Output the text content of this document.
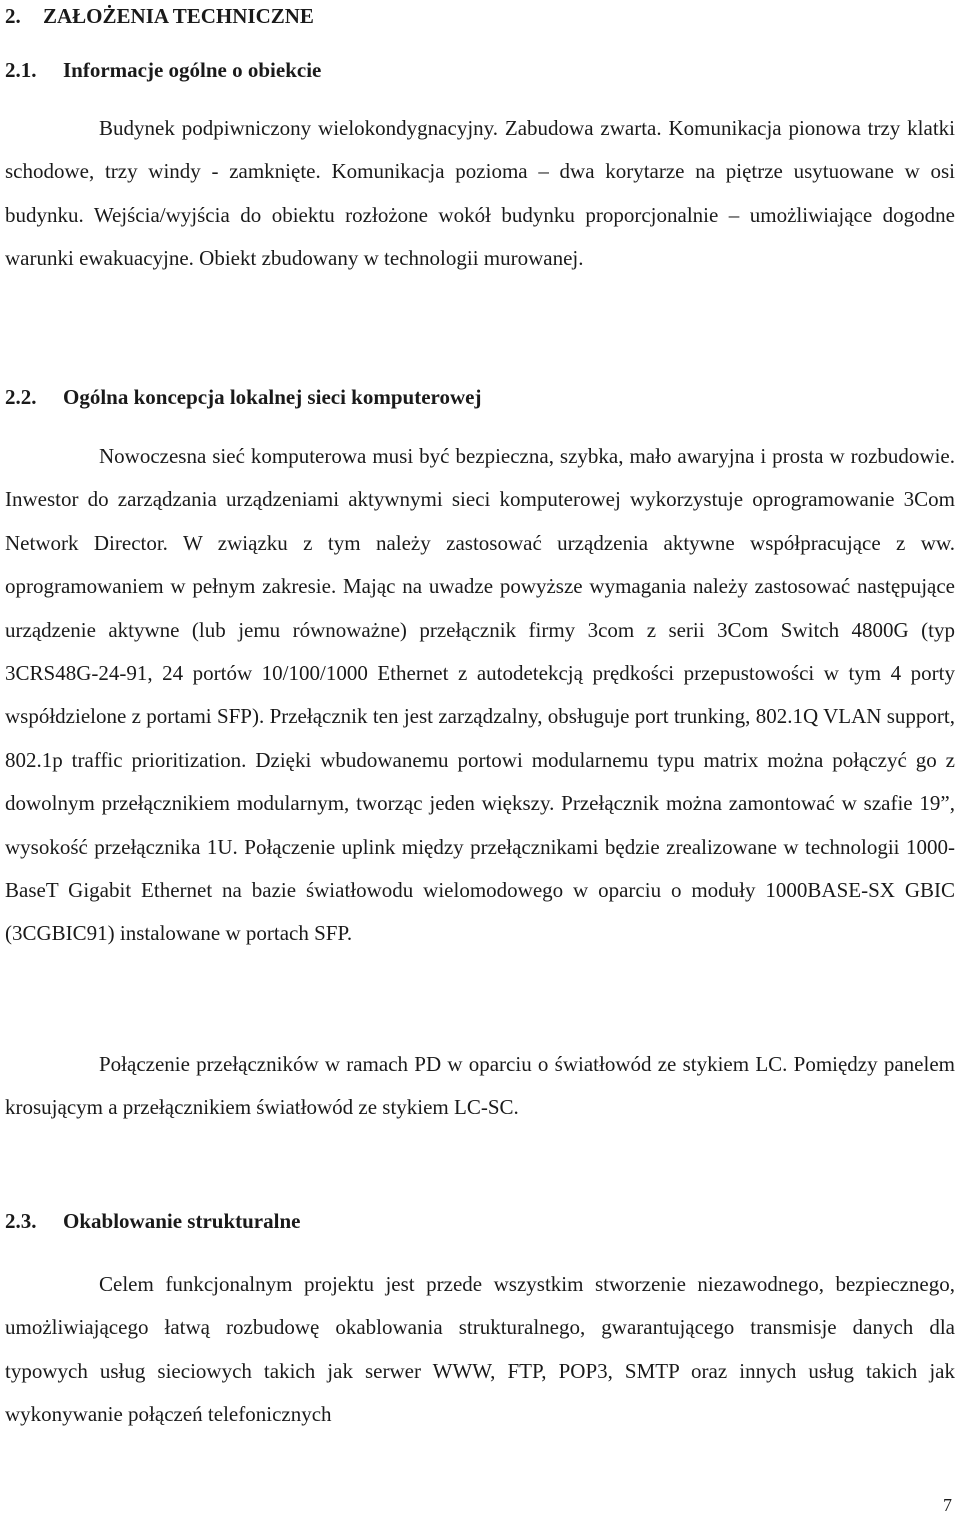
2. ZAŁOŻENIA TECHNICZNE
2.1. Informacje ogólne o obiekcie

Budynek podpiwniczony wielokondygnacyjny. Zabudowa zwarta. Komunikacja pionowa trzy klatki schodowe, trzy windy - zamknięte. Komunikacja pozioma – dwa korytarze na piętrze usytuowane w osi budynku. Wejścia/wyjścia do obiektu rozłożone wokół budynku proporcjonalnie – umożliwiające dogodne warunki ewakuacyjne. Obiekt zbudowany w technologii murowanej.

2.2. Ogólna koncepcja lokalnej sieci komputerowej

Nowoczesna sieć komputerowa musi być bezpieczna, szybka, mało awaryjna i prosta w rozbudowie. Inwestor do zarządzania urządzeniami aktywnymi sieci komputerowej wykorzystuje oprogramowanie 3Com Network Director. W związku z tym należy zastosować urządzenia aktywne współpracujące z ww. oprogramowaniem w pełnym zakresie. Mając na uwadze powyższe wymagania należy zastosować następujące urządzenie aktywne (lub jemu równoważne) przełącznik firmy 3com z serii 3Com Switch 4800G (typ 3CRS48G-24-91, 24 portów 10/100/1000 Ethernet z autodetekcją prędkości przepustowości w tym 4 porty współdzielone z portami SFP). Przełącznik ten jest zarządzalny, obsługuje port trunking, 802.1Q VLAN support, 802.1p traffic prioritization. Dzięki wbudowanemu portowi modularnemu typu matrix można połączyć go z dowolnym przełącznikiem modularnym, tworząc jeden większy. Przełącznik można zamontować w szafie 19”, wysokość przełącznika 1U. Połączenie uplink między przełącznikami będzie zrealizowane w technologii 1000-BaseT Gigabit Ethernet na bazie światłowodu wielomodowego w oparciu o moduły 1000BASE-SX GBIC (3CGBIC91) instalowane w portach SFP.

Połączenie przełączników w ramach PD w oparciu o światłowód ze stykiem LC. Pomiędzy panelem krosującym a przełącznikiem światłowód ze stykiem LC-SC.

2.3. Okablowanie strukturalne

Celem funkcjonalnym projektu jest przede wszystkim stworzenie niezawodnego, bezpiecznego, umożliwiającego łatwą rozbudowę okablowania strukturalnego, gwarantującego transmisje danych dla typowych usług sieciowych takich jak serwer WWW, FTP, POP3, SMTP oraz innych usług takich jak wykonywanie połączeń telefonicznych

7
